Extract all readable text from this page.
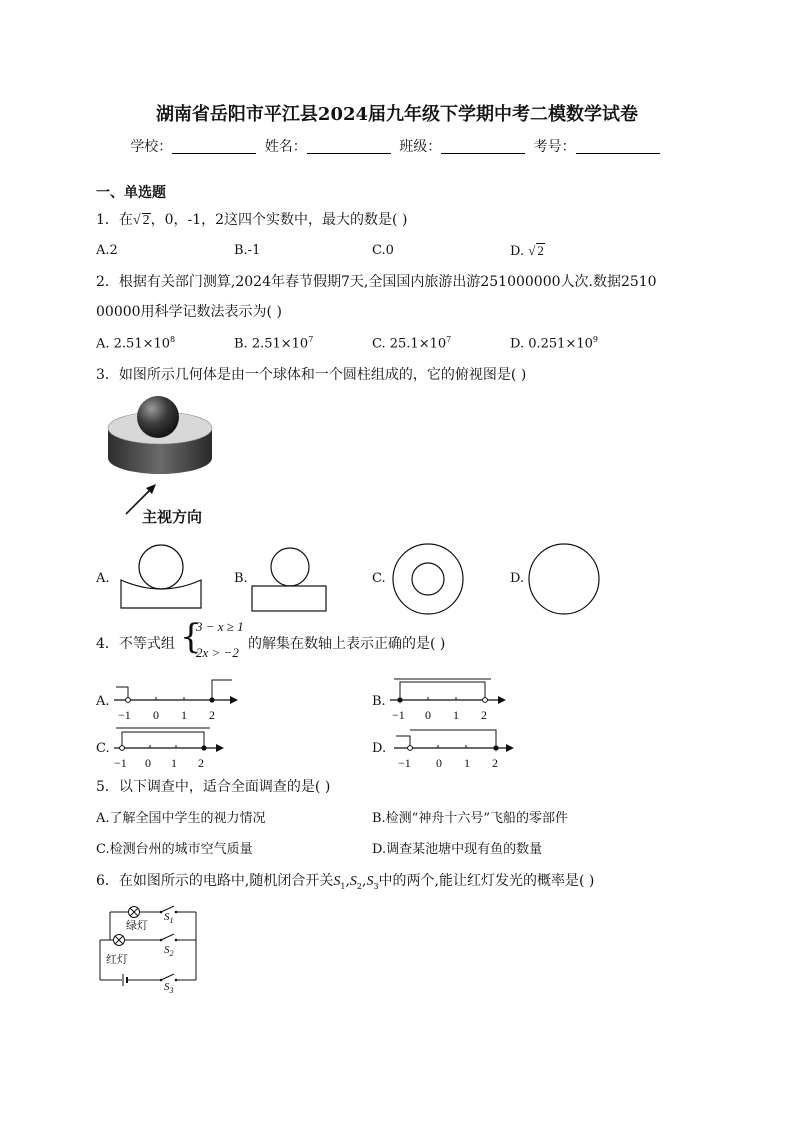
湖南省岳阳市平江县2024届九年级下学期中考二模数学试卷
学校：	姓名：	班级：	考号：
一、单选题
1．在√ 2，0，-1，2这四个实数中，最大的数是( )
A.2	B.-1	C.0	D. √ 2
2．根据有关部门测算,2024年春节假期7天,全国国内旅游出游251000000人次.数据2510
00000用科学记数法表示为( )
A. $2.51\times 10^8$	B. $2.51\times 10^7$	C. $25.1\times 10^7$	D. $0.251\times 10^9$
3．如图所示几何体是由一个球体和一个圆柱组成的，它的俯视图是( )
主视方向
A.	B.	C.	D.
4．不等式组 {
3 − x ≥ 1
2x > −2
的解集在数轴上表示正确的是( )
A.
−1 0 1 2
B.
−1 0 1 2
C.
−1 0 1 2
D.
−1 0 1 2
5．以下调查中，适合全面调查的是( )
A.了解全国中学生的视力情况	B.检测“神舟十六号”飞船的零部件
C.检测台州的城市空气质量	D.调查某池塘中现有鱼的数量
6．在如图所示的电路中,随机闭合开关$S_1,S_2,S_3$中的两个,能让红灯发光的概率是( )
绿灯
红灯
$S_1$
$S_2$
$S_3$
